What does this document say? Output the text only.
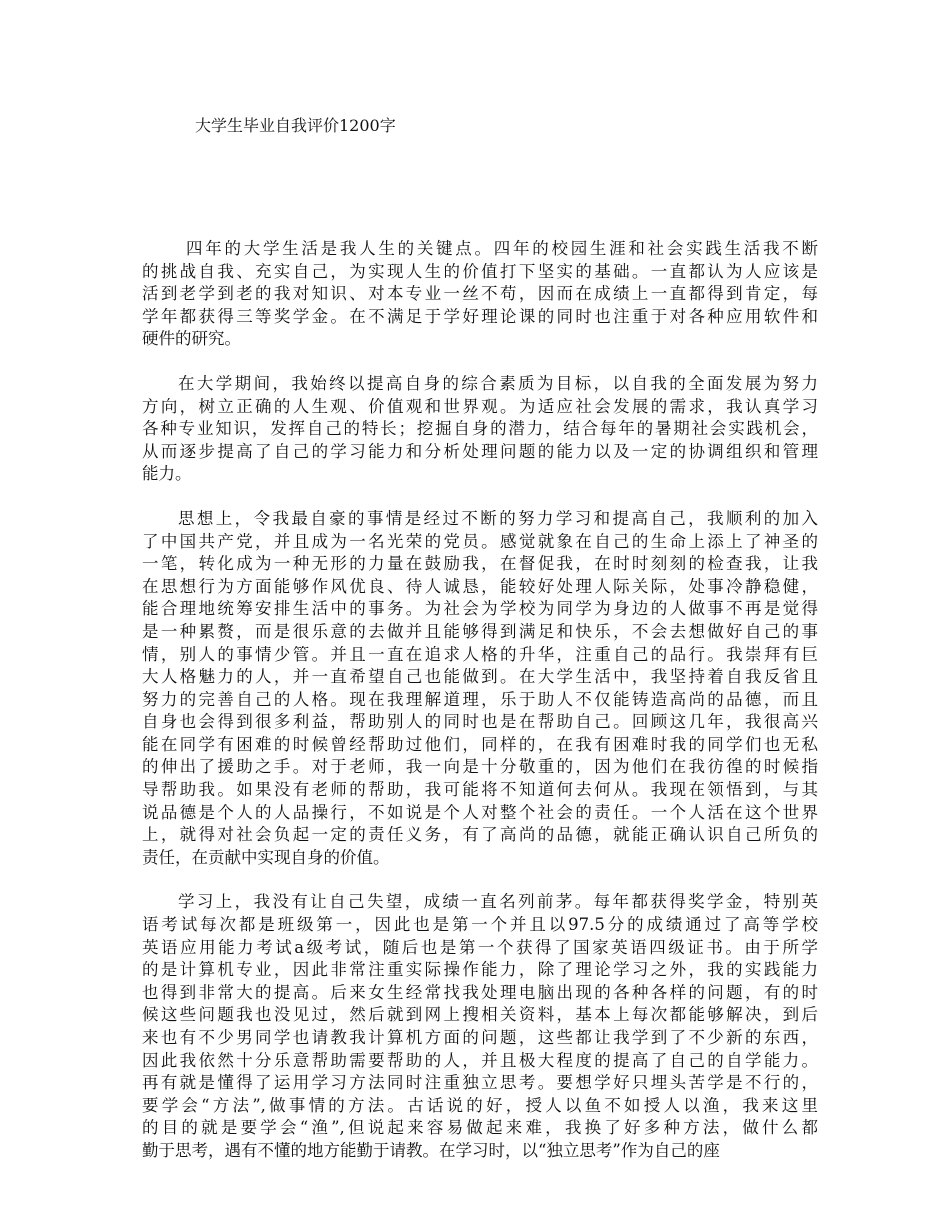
大学生毕业自我评价1200字
四年的大学生活是我人生的关键点。四年的校园生涯和社会实践生活我不断
的挑战自我、充实自己，为实现人生的价值打下坚实的基础。一直都认为人应该是
活到老学到老的我对知识、对本专业一丝不苟，因而在成绩上一直都得到肯定，每
学年都获得三等奖学金。在不满足于学好理论课的同时也注重于对各种应用软件和
硬件的研究。
在大学期间，我始终以提高自身的综合素质为目标，以自我的全面发展为努力
方向，树立正确的人生观、价值观和世界观。为适应社会发展的需求，我认真学习
各种专业知识，发挥自己的特长；挖掘自身的潜力，结合每年的暑期社会实践机会，
从而逐步提高了自己的学习能力和分析处理问题的能力以及一定的协调组织和管理
能力。
思想上，令我最自豪的事情是经过不断的努力学习和提高自己，我顺利的加入
了中国共产党，并且成为一名光荣的党员。感觉就象在自己的生命上添上了神圣的
一笔，转化成为一种无形的力量在鼓励我，在督促我，在时时刻刻的检查我，让我
在思想行为方面能够作风优良、待人诚恳，能较好处理人际关际，处事冷静稳健，
能合理地统筹安排生活中的事务。为社会为学校为同学为身边的人做事不再是觉得
是一种累赘，而是很乐意的去做并且能够得到满足和快乐，不会去想做好自己的事
情，别人的事情少管。并且一直在追求人格的升华，注重自己的品行。我崇拜有巨
大人格魅力的人，并一直希望自己也能做到。在大学生活中，我坚持着自我反省且
努力的完善自己的人格。现在我理解道理，乐于助人不仅能铸造高尚的品德，而且
自身也会得到很多利益，帮助别人的同时也是在帮助自己。回顾这几年，我很高兴
能在同学有困难的时候曾经帮助过他们，同样的，在我有困难时我的同学们也无私
的伸出了援助之手。对于老师，我一向是十分敬重的，因为他们在我彷徨的时候指
导帮助我。如果没有老师的帮助，我可能将不知道何去何从。我现在领悟到，与其
说品德是个人的人品操行，不如说是个人对整个社会的责任。一个人活在这个世界
上，就得对社会负起一定的责任义务，有了高尚的品德，就能正确认识自己所负的
责任，在贡献中实现自身的价值。
学习上，我没有让自己失望，成绩一直名列前茅。每年都获得奖学金，特别英
语考试每次都是班级第一，因此也是第一个并且以97.5分的成绩通过了高等学校
英语应用能力考试a级考试，随后也是第一个获得了国家英语四级证书。由于所学
的是计算机专业，因此非常注重实际操作能力，除了理论学习之外，我的实践能力
也得到非常大的提高。后来女生经常找我处理电脑出现的各种各样的问题，有的时
候这些问题我也没见过，然后就到网上搜相关资料，基本上每次都能够解决，到后
来也有不少男同学也请教我计算机方面的问题，这些都让我学到了不少新的东西，
因此我依然十分乐意帮助需要帮助的人，并且极大程度的提高了自己的自学能力。
再有就是懂得了运用学习方法同时注重独立思考。要想学好只埋头苦学是不行的，
要学会“方法”,做事情的方法。古话说的好，授人以鱼不如授人以渔，我来这里
的目的就是要学会“渔”,但说起来容易做起来难，我换了好多种方法，做什么都
勤于思考，遇有不懂的地方能勤于请教。在学习时，以“独立思考”作为自己的座
